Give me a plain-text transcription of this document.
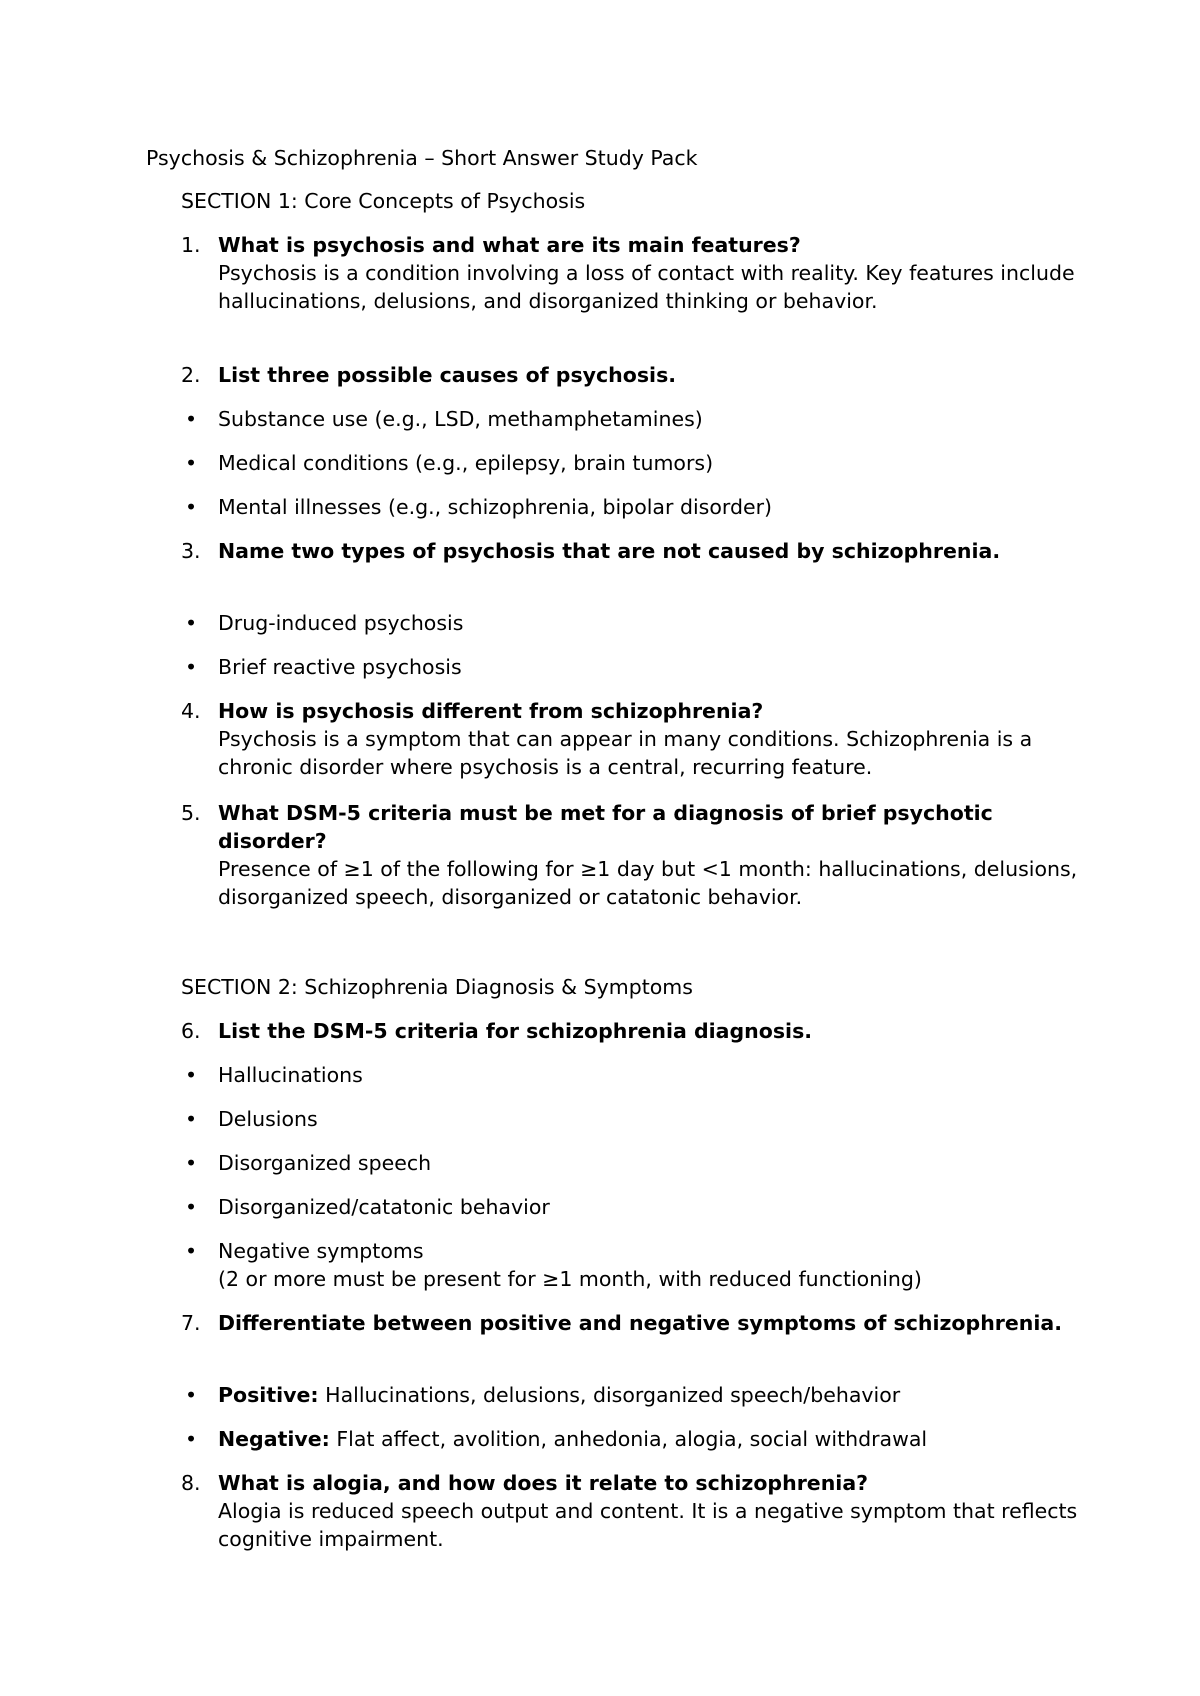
Psychosis & Schizophrenia – Short Answer Study Pack
SECTION 1: Core Concepts of Psychosis
1. What is psychosis and what are its main features?
Psychosis is a condition involving a loss of contact with reality. Key features include hallucinations, delusions, and disorganized thinking or behavior.
2. List three possible causes of psychosis.
• Substance use (e.g., LSD, methamphetamines)
• Medical conditions (e.g., epilepsy, brain tumors)
• Mental illnesses (e.g., schizophrenia, bipolar disorder)
3. Name two types of psychosis that are not caused by schizophrenia.
• Drug-induced psychosis
• Brief reactive psychosis
4. How is psychosis different from schizophrenia?
Psychosis is a symptom that can appear in many conditions. Schizophrenia is a chronic disorder where psychosis is a central, recurring feature.
5. What DSM-5 criteria must be met for a diagnosis of brief psychotic disorder?
Presence of ≥1 of the following for ≥1 day but <1 month: hallucinations, delusions, disorganized speech, disorganized or catatonic behavior.
SECTION 2: Schizophrenia Diagnosis & Symptoms
6. List the DSM-5 criteria for schizophrenia diagnosis.
• Hallucinations
• Delusions
• Disorganized speech
• Disorganized/catatonic behavior
• Negative symptoms
(2 or more must be present for ≥1 month, with reduced functioning)
7. Differentiate between positive and negative symptoms of schizophrenia.
• Positive: Hallucinations, delusions, disorganized speech/behavior
• Negative: Flat affect, avolition, anhedonia, alogia, social withdrawal
8. What is alogia, and how does it relate to schizophrenia?
Alogia is reduced speech output and content. It is a negative symptom that reflects cognitive impairment.
